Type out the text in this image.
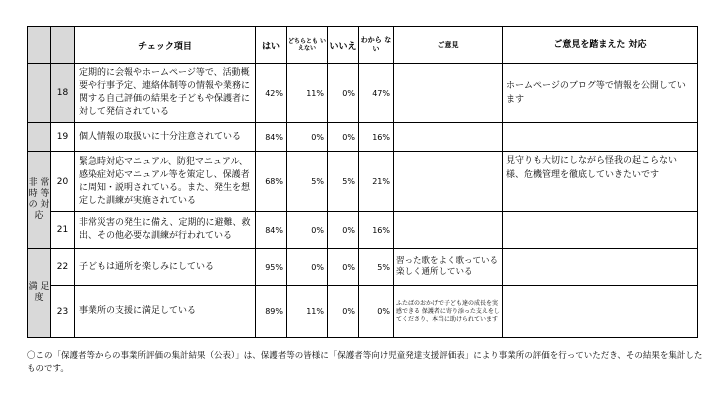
		チェック項目	はい	どちらとも いえない	いいえ	わから ない	ご意見	ご意見を踏まえた 対応
	18	定期的に会報やホームページ等で、活動概要や行事予定、連絡体制等の情報や業務に関する自己評価の結果を子どもや保護者に対して発信されている	42%	11%	0%	47%		ホームページのブログ等で情報を公開しています
	19	個人情報の取扱いに十分注意されている	84%	0%	0%	16%		
非 常 時 等 の 対 応	20	緊急時対応マニュアル、防犯マニュアル、感染症対応マニュアル等を策定し、保護者に周知・説明されている。また、発生を想定した訓練が実施されている	68%	5%	5%	21%		見守りも大切にしながら怪我の起こらない様、危機管理を徹底していきたいです
	21	非常災害の発生に備え、定期的に避難、救出、その他必要な訓練が行われている	84%	0%	0%	16%		
満 足 度	22	子どもは通所を楽しみにしている	95%	0%	0%	5%	習った歌をよく歌っている 楽しく通所している	
	23	事業所の支援に満足している	89%	11%	0%	0%	ふたばのおかげで子ども達の成長を実感できる 保護者に寄り添った支えをしてくださり、本当に助けられています	
〇この「保護者等からの事業所評価の集計結果（公表）」は、保護者等の皆様に「保護者等向け児童発達支援評価表」により事業所の評価を行っていただき、その結果を集計したものです。
